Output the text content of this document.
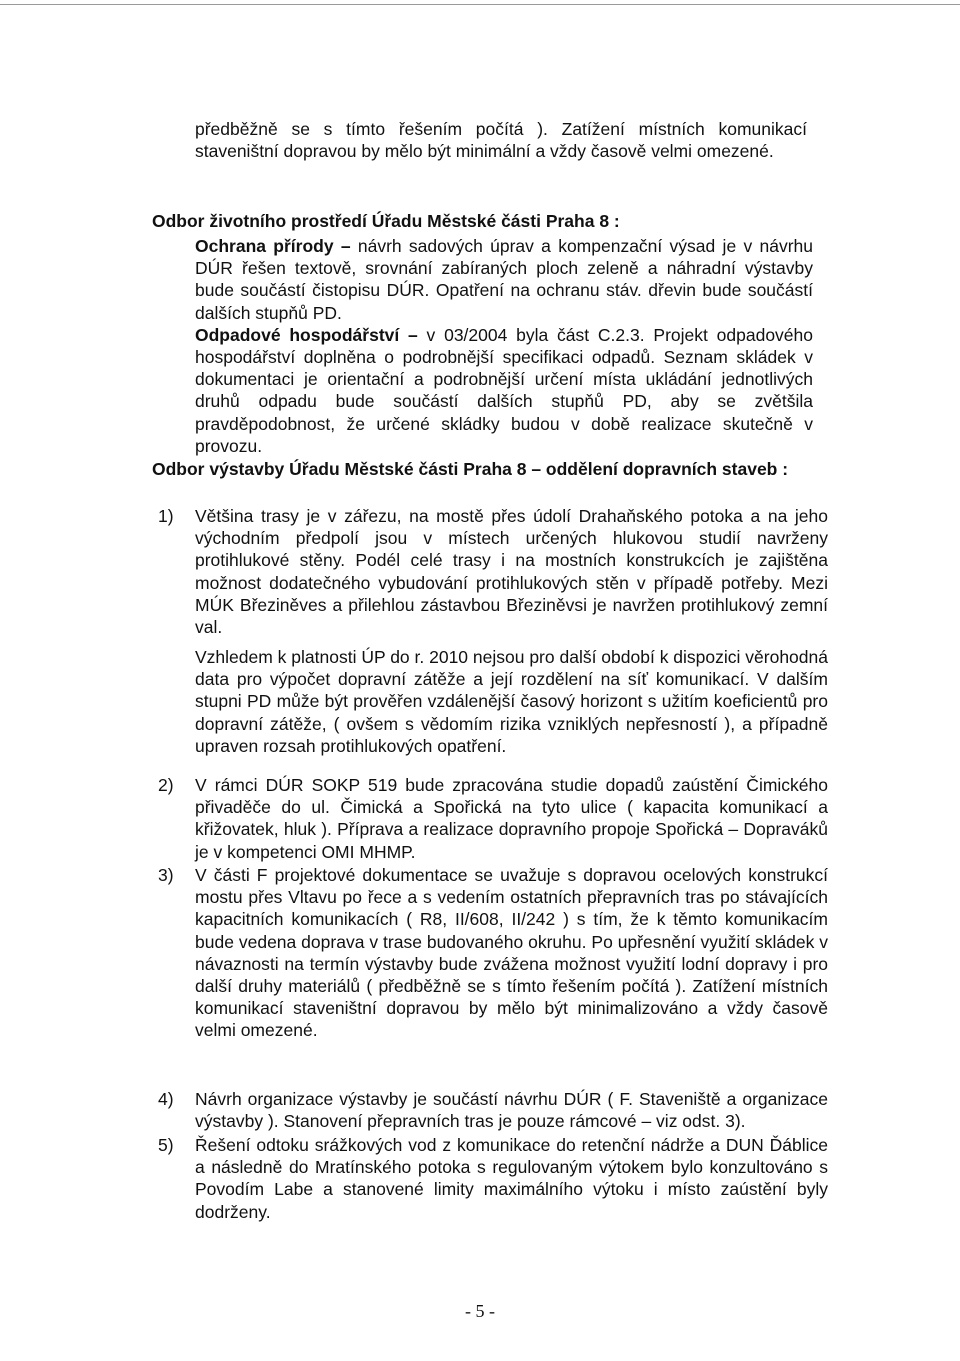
předběžně se s tímto řešením počítá ). Zatížení místních komunikací staveništní dopravou by mělo být minimální a vždy časově velmi omezené.

Odbor životního prostředí Úřadu Městské části Praha 8 :

Ochrana přírody – návrh sadových úprav a kompenzační výsad je v návrhu DÚR řešen textově, srovnání zabíraných ploch zeleně a náhradní výstavby bude součástí čistopisu DÚR. Opatření na ochranu stáv. dřevin bude součástí dalších stupňů PD.

Odpadové hospodářství – v 03/2004 byla část C.2.3. Projekt odpadového hospodářství doplněna o podrobnější specifikaci odpadů. Seznam skládek v dokumentaci je orientační a podrobnější určení místa ukládání jednotlivých druhů odpadu bude součástí dalších stupňů PD, aby se zvětšila pravděpodobnost, že určené skládky budou v době realizace skutečně v provozu.

Odbor výstavby Úřadu Městské části Praha 8 – oddělení dopravních staveb :

1)	Většina trasy je v zářezu, na mostě přes údolí Drahaňského potoka a na jeho východním předpolí jsou v místech určených hlukovou studií navrženy protihlukové stěny. Podél celé trasy i na mostních konstrukcích je zajištěna možnost dodatečného vybudování protihlukových stěn v případě potřeby. Mezi MÚK Březiněves a přilehlou zástavbou Březiněvsi je navržen protihlukový zemní val.

Vzhledem k platnosti ÚP do r. 2010 nejsou pro další období k dispozici věrohodná data pro výpočet dopravní zátěže a její rozdělení na síť komunikací. V dalším stupni PD může být prověřen vzdálenější časový horizont s užitím koeficientů pro dopravní zátěže, ( ovšem s vědomím rizika vzniklých nepřesností ), a případně upraven rozsah protihlukových opatření.

2)	V rámci DÚR SOKP 519 bude zpracována studie dopadů zaústění Čimického přivaděče do ul. Čimická a Spořická na tyto ulice ( kapacita komunikací a křižovatek, hluk ). Příprava a realizace dopravního propoje Spořická – Dopraváků je v kompetenci OMI MHMP.

3)	V části F projektové dokumentace se uvažuje s dopravou ocelových konstrukcí mostu přes Vltavu po řece a s vedením ostatních přepravních tras po stávajících kapacitních komunikacích ( R8, II/608, II/242 ) s tím, že k těmto komunikacím bude vedena doprava v trase budovaného okruhu. Po upřesnění využití skládek v návaznosti na termín výstavby bude zvážena možnost využití lodní dopravy i pro další druhy materiálů ( předběžně se s tímto řešením počítá ). Zatížení místních komunikací staveništní dopravou by mělo být minimalizováno a vždy časově velmi omezené.

4)	Návrh organizace výstavby je součástí návrhu DÚR ( F. Staveniště a organizace výstavby ). Stanovení přepravních tras je pouze rámcové – viz odst. 3).

5)	Řešení odtoku srážkových vod z komunikace do retenční nádrže a DUN Ďáblice a následně do Mratínského potoka s regulovaným výtokem bylo konzultováno s Povodím Labe a stanovené limity maximálního výtoku i místo zaústění byly dodrženy.

- 5 -
